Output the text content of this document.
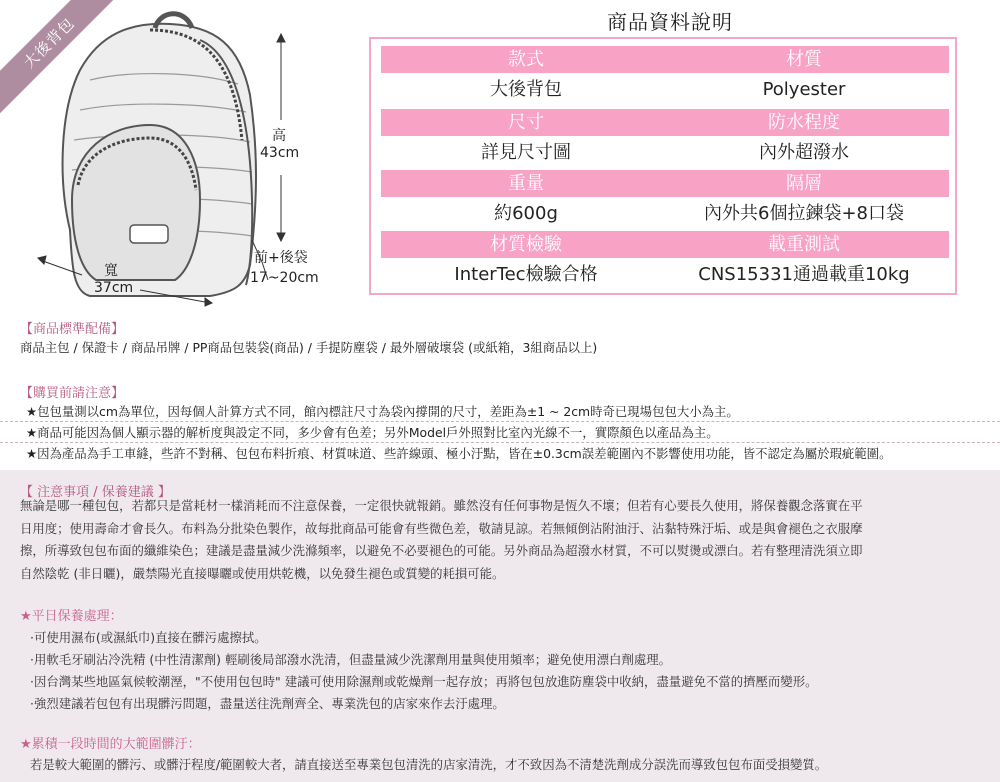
大後背包
高
43cm
前+後袋
17~20cm
寬
37cm
商品資料說明
款式	材質
大後背包	Polyester
尺寸	防水程度
詳見尺寸圖	內外超潑水
重量	隔層
約600g	內外共6個拉鍊袋+8口袋
材質檢驗	載重測試
InterTec檢驗合格	CNS15331通過載重10kg
【商品標準配備】
商品主包 / 保證卡 / 商品吊牌 / PP商品包裝袋(商品) / 手提防塵袋 / 最外層破壞袋 (或紙箱，3組商品以上)
【購買前請注意】
★包包量測以cm為單位，因每個人計算方式不同，館內標註尺寸為袋內撐開的尺寸，差距為±1 ~ 2cm時奇已現場包包大小為主。
★商品可能因為個人顯示器的解析度與設定不同，多少會有色差；另外Model戶外照對比室內光線不一，實際顏色以產品為主。
★因為產品為手工車縫，些許不對稱、包包布料折痕、材質味道、些許線頭、極小汙點，皆在±0.3cm誤差範圍內不影響使用功能，皆不認定為屬於瑕疵範圍。
【 注意事項 / 保養建議 】
無論是哪一種包包，若都只是當耗材一樣消耗而不注意保養，一定很快就報銷。雖然沒有任何事物是恆久不壞；但若有心要長久使用，將保養觀念落實在平
日用度；使用壽命才會長久。布料為分批染色製作，故每批商品可能會有些微色差，敬請見諒。若無傾倒沾附油汙、沾黏特殊汙垢、或是與會褪色之衣服摩
擦，所導致包包布面的纖維染色；建議是盡量減少洗滌頻率，以避免不必要褪色的可能。另外商品為超潑水材質，不可以熨燙或漂白。若有整理清洗須立即
自然陰乾 (非日曬)，嚴禁陽光直接曝曬或使用烘乾機，以免發生褪色或質變的耗損可能。
★平日保養處理：
·可使用濕布(或濕紙巾)直接在髒污處擦拭。
·用軟毛牙刷沾冷洗精 (中性清潔劑) 輕刷後局部潑水洗清，但盡量減少洗潔劑用量與使用頻率；避免使用漂白劑處理。
·因台灣某些地區氣候較潮溼，"不使用包包時" 建議可使用除濕劑或乾燥劑一起存放；再將包包放進防塵袋中收納，盡量避免不當的擠壓而變形。
·強烈建議若包包有出現髒污問題，盡量送往洗劑齊全、專業洗包的店家來作去汙處理。
★累積一段時間的大範圍髒汙：
若是較大範圍的髒污、或髒汙程度/範圍較大者，請直接送至專業包包清洗的店家清洗，才不致因為不清楚洗劑成分誤洗而導致包包布面受損變質。
